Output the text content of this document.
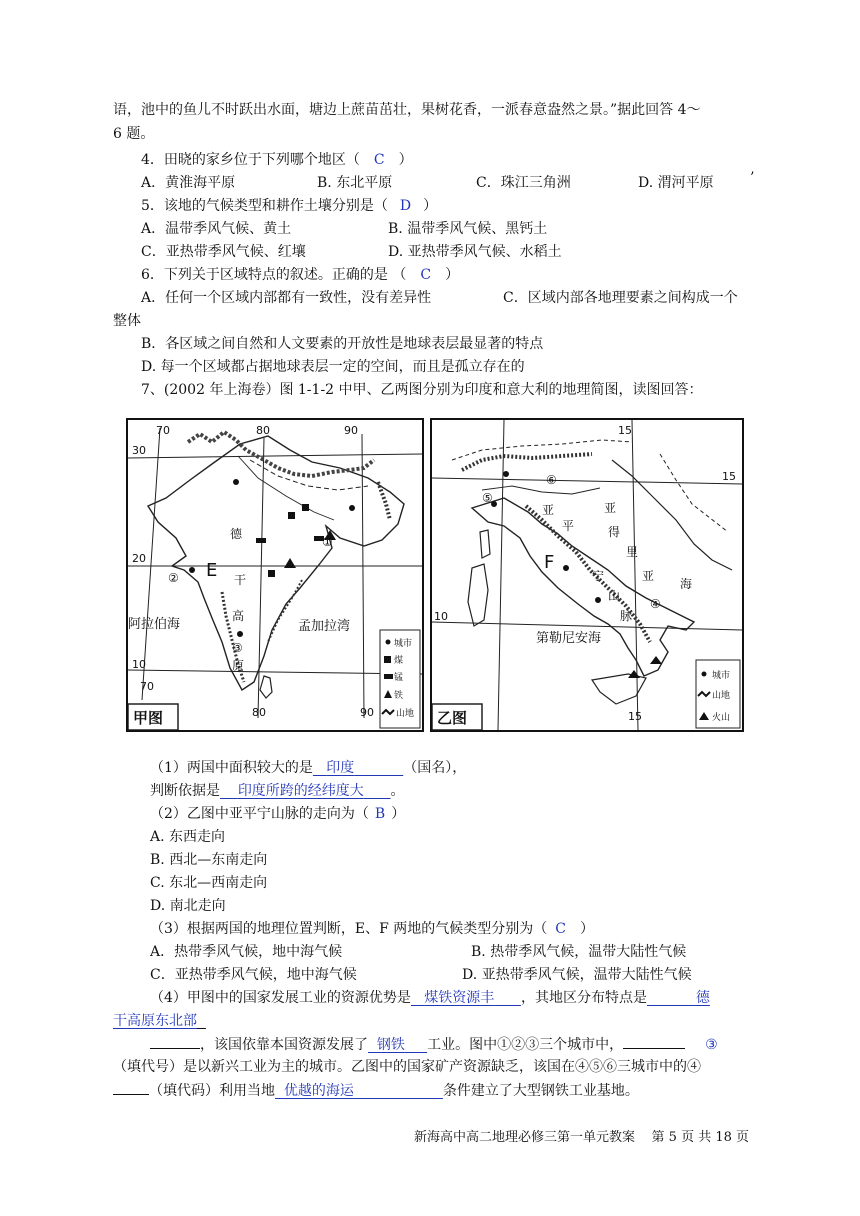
语，池中的鱼儿不时跃出水面，塘边上蔗苗茁壮，果树花香，一派春意盎然之景。”据此回答 4～
6 题。
4．田晓的家乡位于下列哪个地区（ C ）
A．黄淮海平原	B. 东北平原	C．珠江三角洲	D. 渭河平原	’
5．该地的气候类型和耕作土壤分别是（ D ）
A．温带季风气候、黄土	B. 温带季风气候、黑钙土
C．亚热带季风气候、红壤	D. 亚热带季风气候、水稻土
6．下列关于区域特点的叙述。正确的是 （ C ）
A．任何一个区域内部都有一致性，没有差异性	C．区域内部各地理要素之间构成一个
整体
B．各区域之间自然和人文要素的开放性是地球表层最显著的特点
D. 每一个区域都占据地球表层一定的空间，而且是孤立存在的
7、(2002 年上海卷）图 1-1-2 中甲、乙两图分别为印度和意大利的地理简图，读图回答：
70	80	90
30
20
10
70
80	90
E
德
干
高
原
阿拉伯海	孟加拉湾
①
②
③	城市
煤
锰
铁
山地
甲图
15
15
15
10
F
亚
平
宁
山
脉
亚
得
里
亚
海
第勒尼安海
④
⑤
⑥
城市
山地
火山
乙图
（1）两国中面积较大的是 印度	（国名），
判断依据是 印度所跨的经纬度大 。
（2）乙图中亚平宁山脉的走向为（ B ）
A. 东西走向
B. 西北—东南走向
C. 东北—西南走向
D. 南北走向
（3）根据两国的地理位置判断，E、F 两地的气候类型分别为（ C ）
A．热带季风气候，地中海气候	B. 热带季风气候，温带大陆性气候
C．亚热带季风气候，地中海气候	D. 亚热带季风气候，温带大陆性气候
（4）甲图中的国家发展工业的资源优势是 煤铁资源丰 ，其地区分布特点是	德
干高原东北部
，该国依靠本国资源发展了 钢铁 工业。图中①②③三个城市中，	③
（填代号）是以新兴工业为主的城市。乙图中的国家矿产资源缺乏，该国在④⑤⑥三城市中的④
（填代码）利用当地 优越的海运	条件建立了大型钢铁工业基地。
新海高中高二地理必修三第一单元教案 第 5 页 共 18 页
